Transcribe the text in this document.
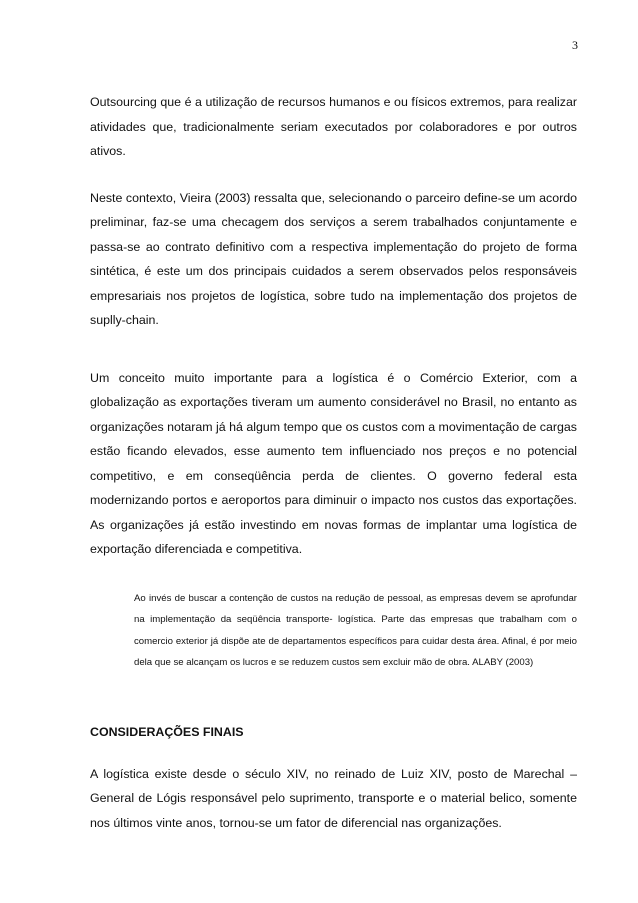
3

Outsourcing que é a utilização de recursos humanos e ou físicos extremos, para realizar atividades que, tradicionalmente seriam executados por colaboradores e por outros ativos.

Neste contexto, Vieira (2003) ressalta que, selecionando o parceiro define-se um acordo preliminar, faz-se uma checagem dos serviços a serem trabalhados conjuntamente e passa-se ao contrato definitivo com a respectiva implementação do projeto de forma sintética, é este um dos principais cuidados a serem observados pelos responsáveis empresariais nos projetos de logística, sobre tudo na implementação dos projetos de suplly-chain.

Um conceito muito importante para a logística é o Comércio Exterior, com a globalização as exportações tiveram um aumento considerável no Brasil, no entanto as organizações notaram já há algum tempo que os custos com a movimentação de cargas estão ficando elevados, esse aumento tem influenciado nos preços e no potencial competitivo, e em conseqüência perda de clientes. O governo federal esta modernizando portos e aeroportos para diminuir o impacto nos custos das exportações. As organizações já estão investindo em novas formas de implantar uma logística de exportação diferenciada e competitiva.

Ao invés de buscar a contenção de custos na redução de pessoal, as empresas devem se aprofundar na implementação da seqüência transporte- logística. Parte das empresas que trabalham com o comercio exterior já dispõe ate de departamentos específicos para cuidar desta área. Afinal, é por meio dela que se alcançam os lucros e se reduzem custos sem excluir mão de obra. ALABY (2003)

CONSIDERAÇÕES FINAIS

A logística existe desde o século XIV, no reinado de Luiz XIV, posto de Marechal – General de Lógis responsável pelo suprimento, transporte e o material belico, somente nos últimos vinte anos, tornou-se um fator de diferencial nas organizações.
